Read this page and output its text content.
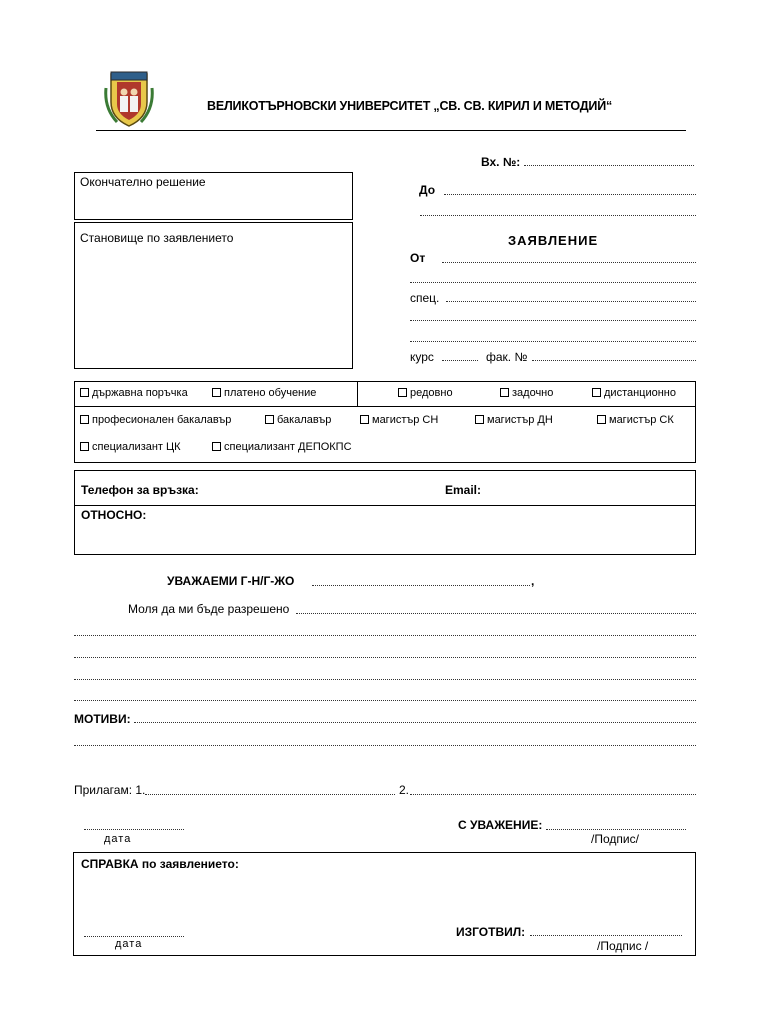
ВЕЛИКОТЪРНОВСКИ УНИВЕРСИТЕТ „СВ. СВ. КИРИЛ И МЕТОДИЙ“
Окончателно решение
Становище по заявлението
Вх. №:
До
ЗАЯВЛЕНИЕ
От
спец.
курс	фак. №
държавна поръчка	платено обучение	редовно	задочно	дистанционно
професионален бакалавър	бакалавър	магистър СН	магистър ДН	магистър СК
специализант ЦК	специализант ДЕПОКПС
Телефон за връзка:	Email:
ОТНОСНО:
УВАЖАЕМИ Г-Н/Г-ЖО	,
Моля да ми бъде разрешено
МОТИВИ:
Прилагам: 1.	2.
дата
С УВАЖЕНИЕ:
/Подпис/
СПРАВКА по заявлението:
дата
ИЗГОТВИЛ:
/Подпис /
